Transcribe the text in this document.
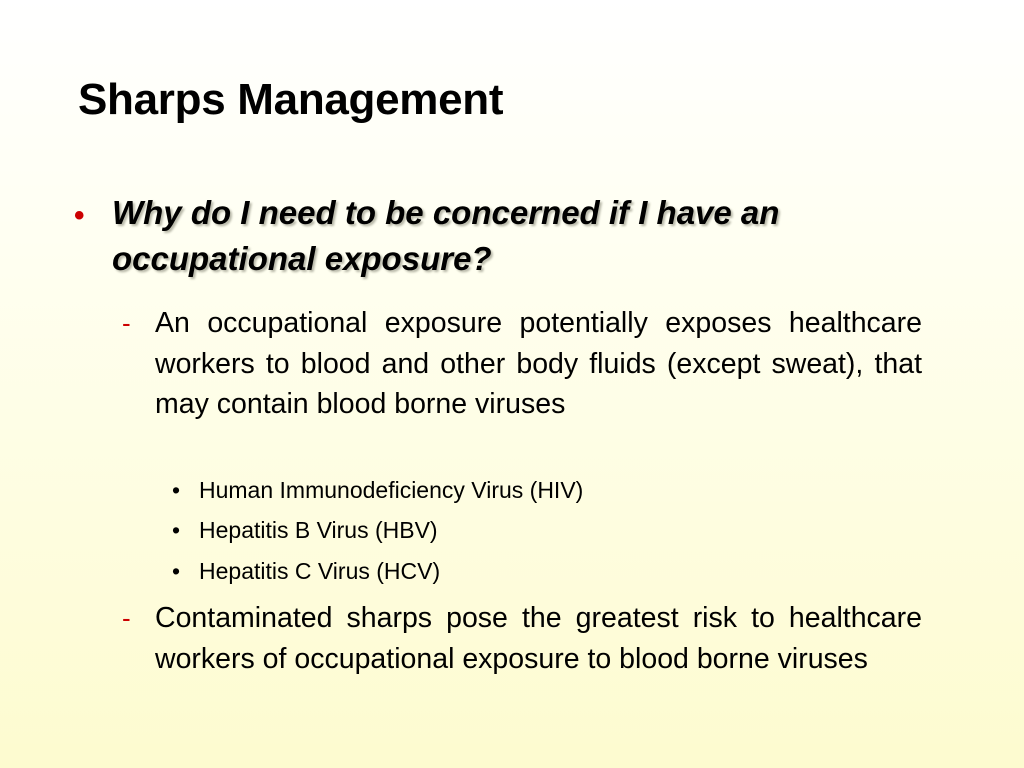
Sharps Management
• Why do I need to be concerned if I have an occupational exposure?
- An occupational exposure potentially exposes healthcare workers to blood and other body fluids (except sweat), that may contain blood borne viruses
• Human Immunodeficiency Virus (HIV)
• Hepatitis B Virus (HBV)
• Hepatitis C Virus (HCV)
- Contaminated sharps pose the greatest risk to healthcare workers of occupational exposure to blood borne viruses
